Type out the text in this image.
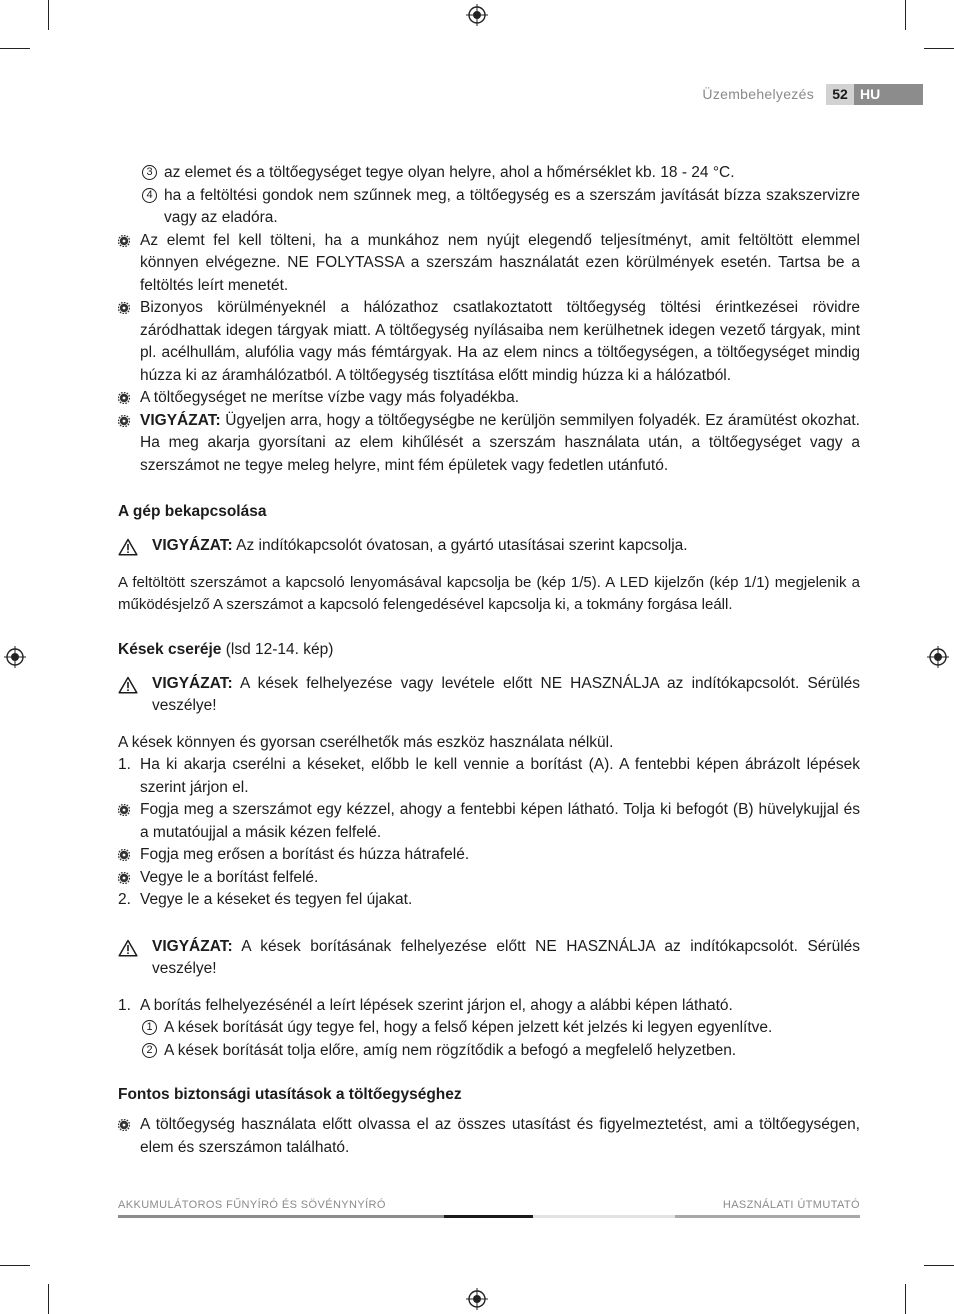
Üzembehelyezés	52 HU
3 az elemet és a töltőegységet tegye olyan helyre, ahol a hőmérséklet kb. 18 - 24 °C.
4 ha a feltöltési gondok nem szűnnek meg, a töltőegység es a szerszám javítását bízza szakszervizre vagy az eladóra.
Az elemt fel kell tölteni, ha a munkához nem nyújt elegendő teljesítményt, amit feltöltött elemmel könnyen elvégezne. NE FOLYTASSA a szerszám használatát ezen körülmények esetén. Tartsa be a feltöltés leírt menetét.
Bizonyos körülményeknél a hálózathoz csatlakoztatott töltőegység töltési érintkezései rövidre záródhattak idegen tárgyak miatt. A töltőegység nyílásaiba nem kerülhetnek idegen vezető tárgyak, mint pl. acélhullám, alufólia vagy más fémtárgyak. Ha az elem nincs a töltőegységen, a töltőegységet mindig húzza ki az áramhálózatból. A töltőegység tisztítása előtt mindig húzza ki a hálózatból.
A töltőegységet ne merítse vízbe vagy más folyadékba.
VIGYÁZAT: Ügyeljen arra, hogy a töltőegységbe ne kerüljön semmilyen folyadék. Ez áramütést okozhat. Ha meg akarja gyorsítani az elem kihűlését a szerszám használata után, a töltőegységet vagy a szerszámot ne tegye meleg helyre, mint fém épületek vagy fedetlen utánfutó.
A gép bekapcsolása
VIGYÁZAT: Az indítókapcsolót óvatosan, a gyártó utasításai szerint kapcsolja.
A feltöltött szerszámot a kapcsoló lenyomásával kapcsolja be (kép 1/5). A LED kijelzőn (kép 1/1) megjelenik a működésjelző A szerszámot a kapcsoló felengedésével kapcsolja ki, a tokmány forgása leáll.
Kések cseréje (lsd 12-14. kép)
VIGYÁZAT: A kések felhelyezése vagy levétele előtt NE HASZNÁLJA az indítókapcsolót. Sérülés veszélye!
A kések könnyen és gyorsan cserélhetők más eszköz használata nélkül.
1. Ha ki akarja cserélni a késeket, előbb le kell vennie a borítást (A). A fentebbi képen ábrázolt lépések szerint járjon el.
Fogja meg a szerszámot egy kézzel, ahogy a fentebbi képen látható. Tolja ki befogót (B) hüvelykujjal és a mutatóujjal a másik kézen felfelé.
Fogja meg erősen a borítást és húzza hátrafelé.
Vegye le a borítást felfelé.
2. Vegye le a késeket és tegyen fel újakat.
VIGYÁZAT: A kések borításának felhelyezése előtt NE HASZNÁLJA az indítókapcsolót. Sérülés veszélye!
1. A borítás felhelyezésénél a leírt lépések szerint járjon el, ahogy a alábbi képen látható.
1 A kések borítását úgy tegye fel, hogy a felső képen jelzett két jelzés ki legyen egyenlítve.
2 A kések borítását tolja előre, amíg nem rögzítődik a befogó a megfelelő helyzetben.
Fontos biztonsági utasítások a töltőegységhez
A töltőegység használata előtt olvassa el az összes utasítást és figyelmeztetést, ami a töltőegységen, elem és szerszámon található.
AKKUMULÁTOROS FŰNYÍRÓ ÉS SÖVÉNYNYÍRÓ	HASZNÁLATI ÚTMUTATÓ
